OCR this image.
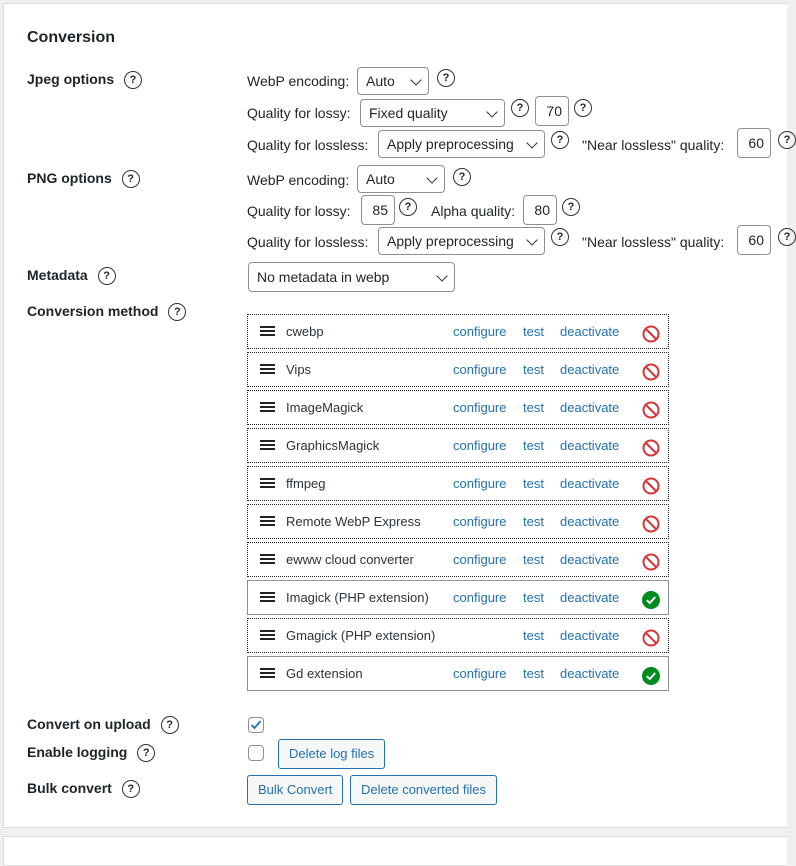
Conversion
Jpeg options ?	WebP encoding:	Auto	?
Quality for lossy:	Fixed quality	?	70	?
Quality for lossless:	Apply preprocessing	?	"Near lossless" quality:	60	?
PNG options ?	WebP encoding:	Auto	?
Quality for lossy:	85	?	Alpha quality:	80	?
Quality for lossless:	Apply preprocessing	?	"Near lossless" quality:	60	?
Metadata ?	No metadata in webp
Conversion method ?
cwebp	configure test deactivate
Vips	configure test deactivate
ImageMagick	configure test deactivate
GraphicsMagick	configure test deactivate
ffmpeg	configure test deactivate
Remote WebP Express configure test deactivate
ewww cloud converter	configure test deactivate
Imagick (PHP extension) configure test deactivate
Gmagick (PHP extension)	test deactivate
Gd extension	configure test deactivate
Convert on upload ?
Enable logging ?	Delete log files
Bulk convert ?	Bulk Convert	Delete converted files
